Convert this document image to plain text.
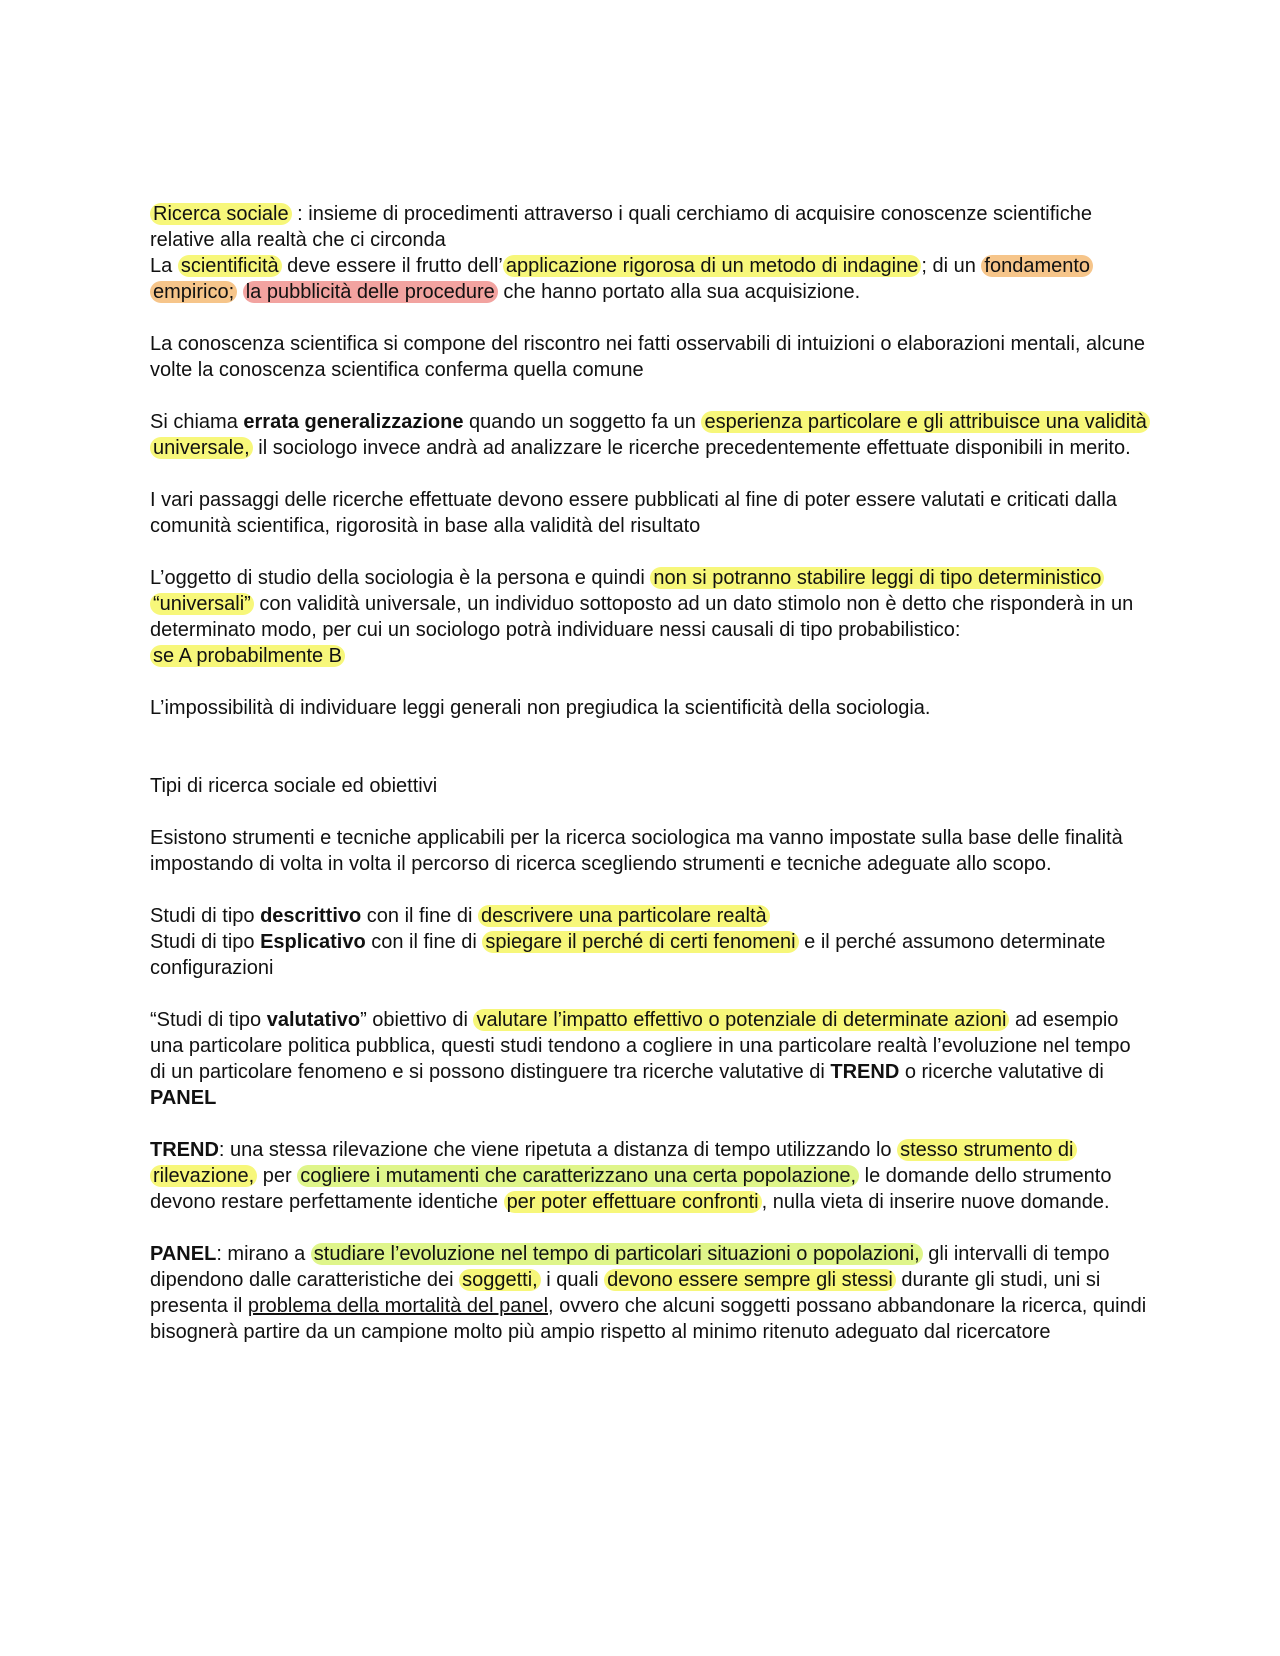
Ricerca sociale : insieme di procedimenti attraverso i quali cerchiamo di acquisire conoscenze scientifiche relative alla realtà che ci circonda

La scientificità deve essere il frutto dell’ applicazione rigorosa di un metodo di indagine ; di un fondamento empirico; la pubblicità delle procedure che hanno portato alla sua acquisizione.

La conoscenza scientifica si compone del riscontro nei fatti osservabili di intuizioni o elaborazioni mentali, alcune volte la conoscenza scientifica conferma quella comune

Si chiama errata generalizzazione quando un soggetto fa un esperienza particolare e gli attribuisce una validità universale, il sociologo invece andrà ad analizzare le ricerche precedentemente effettuate disponibili in merito.

I vari passaggi delle ricerche effettuate devono essere pubblicati al fine di poter essere valutati e criticati dalla comunità scientifica, rigorosità in base alla validità del risultato

L’oggetto di studio della sociologia è la persona e quindi non si potranno stabilire leggi di tipo deterministico “universali” con validità universale, un individuo sottoposto ad un dato stimolo non è detto che risponderà in un determinato modo, per cui un sociologo potrà individuare nessi causali di tipo probabilistico:

se A probabilmente B

L’impossibilità di individuare leggi generali non pregiudica la scientificità della sociologia.

Tipi di ricerca sociale ed obiettivi

Esistono strumenti e tecniche applicabili per la ricerca sociologica ma vanno impostate sulla base delle finalità impostando di volta in volta il percorso di ricerca scegliendo strumenti e tecniche adeguate allo scopo.

Studi di tipo descrittivo con il fine di descrivere una particolare realtà

Studi di tipo Esplicativo con il fine di spiegare il perché di certi fenomeni e il perché assumono determinate configurazioni

“Studi di tipo valutativo” obiettivo di valutare l’impatto effettivo o potenziale di determinate azioni ad esempio una particolare politica pubblica, questi studi tendono a cogliere in una particolare realtà l’evoluzione nel tempo di un particolare fenomeno e si possono distinguere tra ricerche valutative di TREND o ricerche valutative di PANEL

TREND: una stessa rilevazione che viene ripetuta a distanza di tempo utilizzando lo stesso strumento di rilevazione, per cogliere i mutamenti che caratterizzano una certa popolazione, le domande dello strumento devono restare perfettamente identiche per poter effettuare confronti , nulla vieta di inserire nuove domande.

PANEL: mirano a studiare l’evoluzione nel tempo di particolari situazioni o popolazioni, gli intervalli di tempo dipendono dalle caratteristiche dei soggetti, i quali devono essere sempre gli stessi durante gli studi, uni si presenta il problema della mortalità del panel, ovvero che alcuni soggetti possano abbandonare la ricerca, quindi bisognerà partire da un campione molto più ampio rispetto al minimo ritenuto adeguato dal ricercatore
